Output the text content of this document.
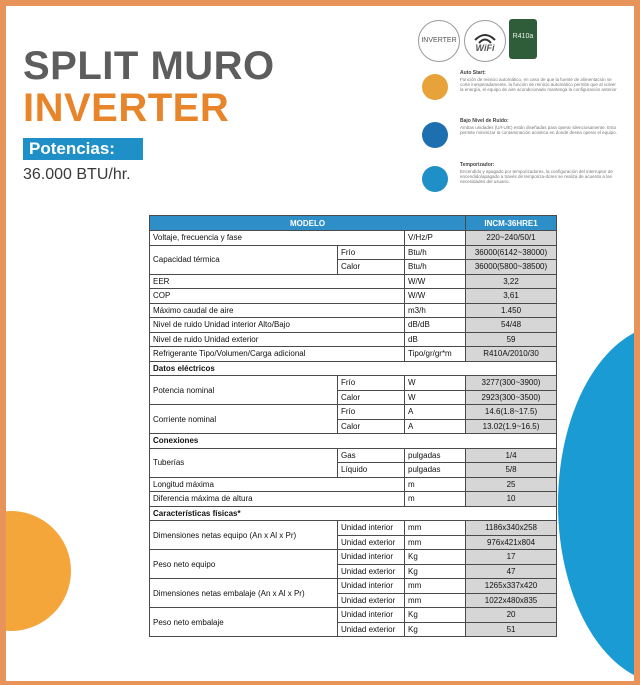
SPLIT MURO
INVERTER
Potencias:
36.000 BTU/hr.
INVERTER
WiFi
R410a
Auto Start:
Función de reinicio automático, en caso de que la fuente de alimentación se corte inesperadamente, la función de reinicio automático permite que al volver la energía, el equipo de aire acondicionado mantenga la configuración anterior
Bajo Nivel de Ruido:
Ambas unidades (U/I-U/E) están diseñadas para operar silenciosamente. Esto permite minimizar la contaminación acústica en donde desea operar el equipo.
Temporizador:
Encendido y apagado por temporizadores, la configuración del interruptor de encendido/apagado a través de temporiza-dores se realiza de acuerdo a las necesidades del usuario.
MODELO			INCM-36HRE1
Voltaje, frecuencia y fase		V/Hz/P	220~240/50/1
Capacidad térmica	Frío	Btu/h	36000(6142~38000)
	Calor	Btu/h	36000(5800~38500)
EER		W/W	3,22
COP		W/W	3,61
Máximo caudal de aire		m3/h	1.450
Nivel de ruido Unidad interior Alto/Bajo		dB/dB	54/48
Nivel de ruido Unidad exterior		dB	59
Refrigerante Tipo/Volumen/Carga adicional		Tipo/gr/gr*m	R410A/2010/30
Datos eléctricos			
Potencia nominal	Frío	W	3277(300~3900)
	Calor	W	2923(300~3500)
Corriente nominal	Frío	A	14.6(1.8~17.5)
	Calor	A	13.02(1.9~16.5)
Conexiones			
Tuberías	Gas	pulgadas	1/4
	Líquido	pulgadas	5/8
Longitud máxima		m	25
Diferencia máxima de altura		m	10
Características físicas*			
Dimensiones netas equipo (An x Al x Pr)	Unidad interior	mm	1186x340x258
	Unidad exterior	mm	976x421x804
Peso neto equipo	Unidad interior	Kg	17
	Unidad exterior	Kg	47
Dimensiones netas embalaje (An x Al x Pr)	Unidad interior	mm	1265x337x420
	Unidad exterior	mm	1022x480x835
Peso neto embalaje	Unidad interior	Kg	20
	Unidad exterior	Kg	51
